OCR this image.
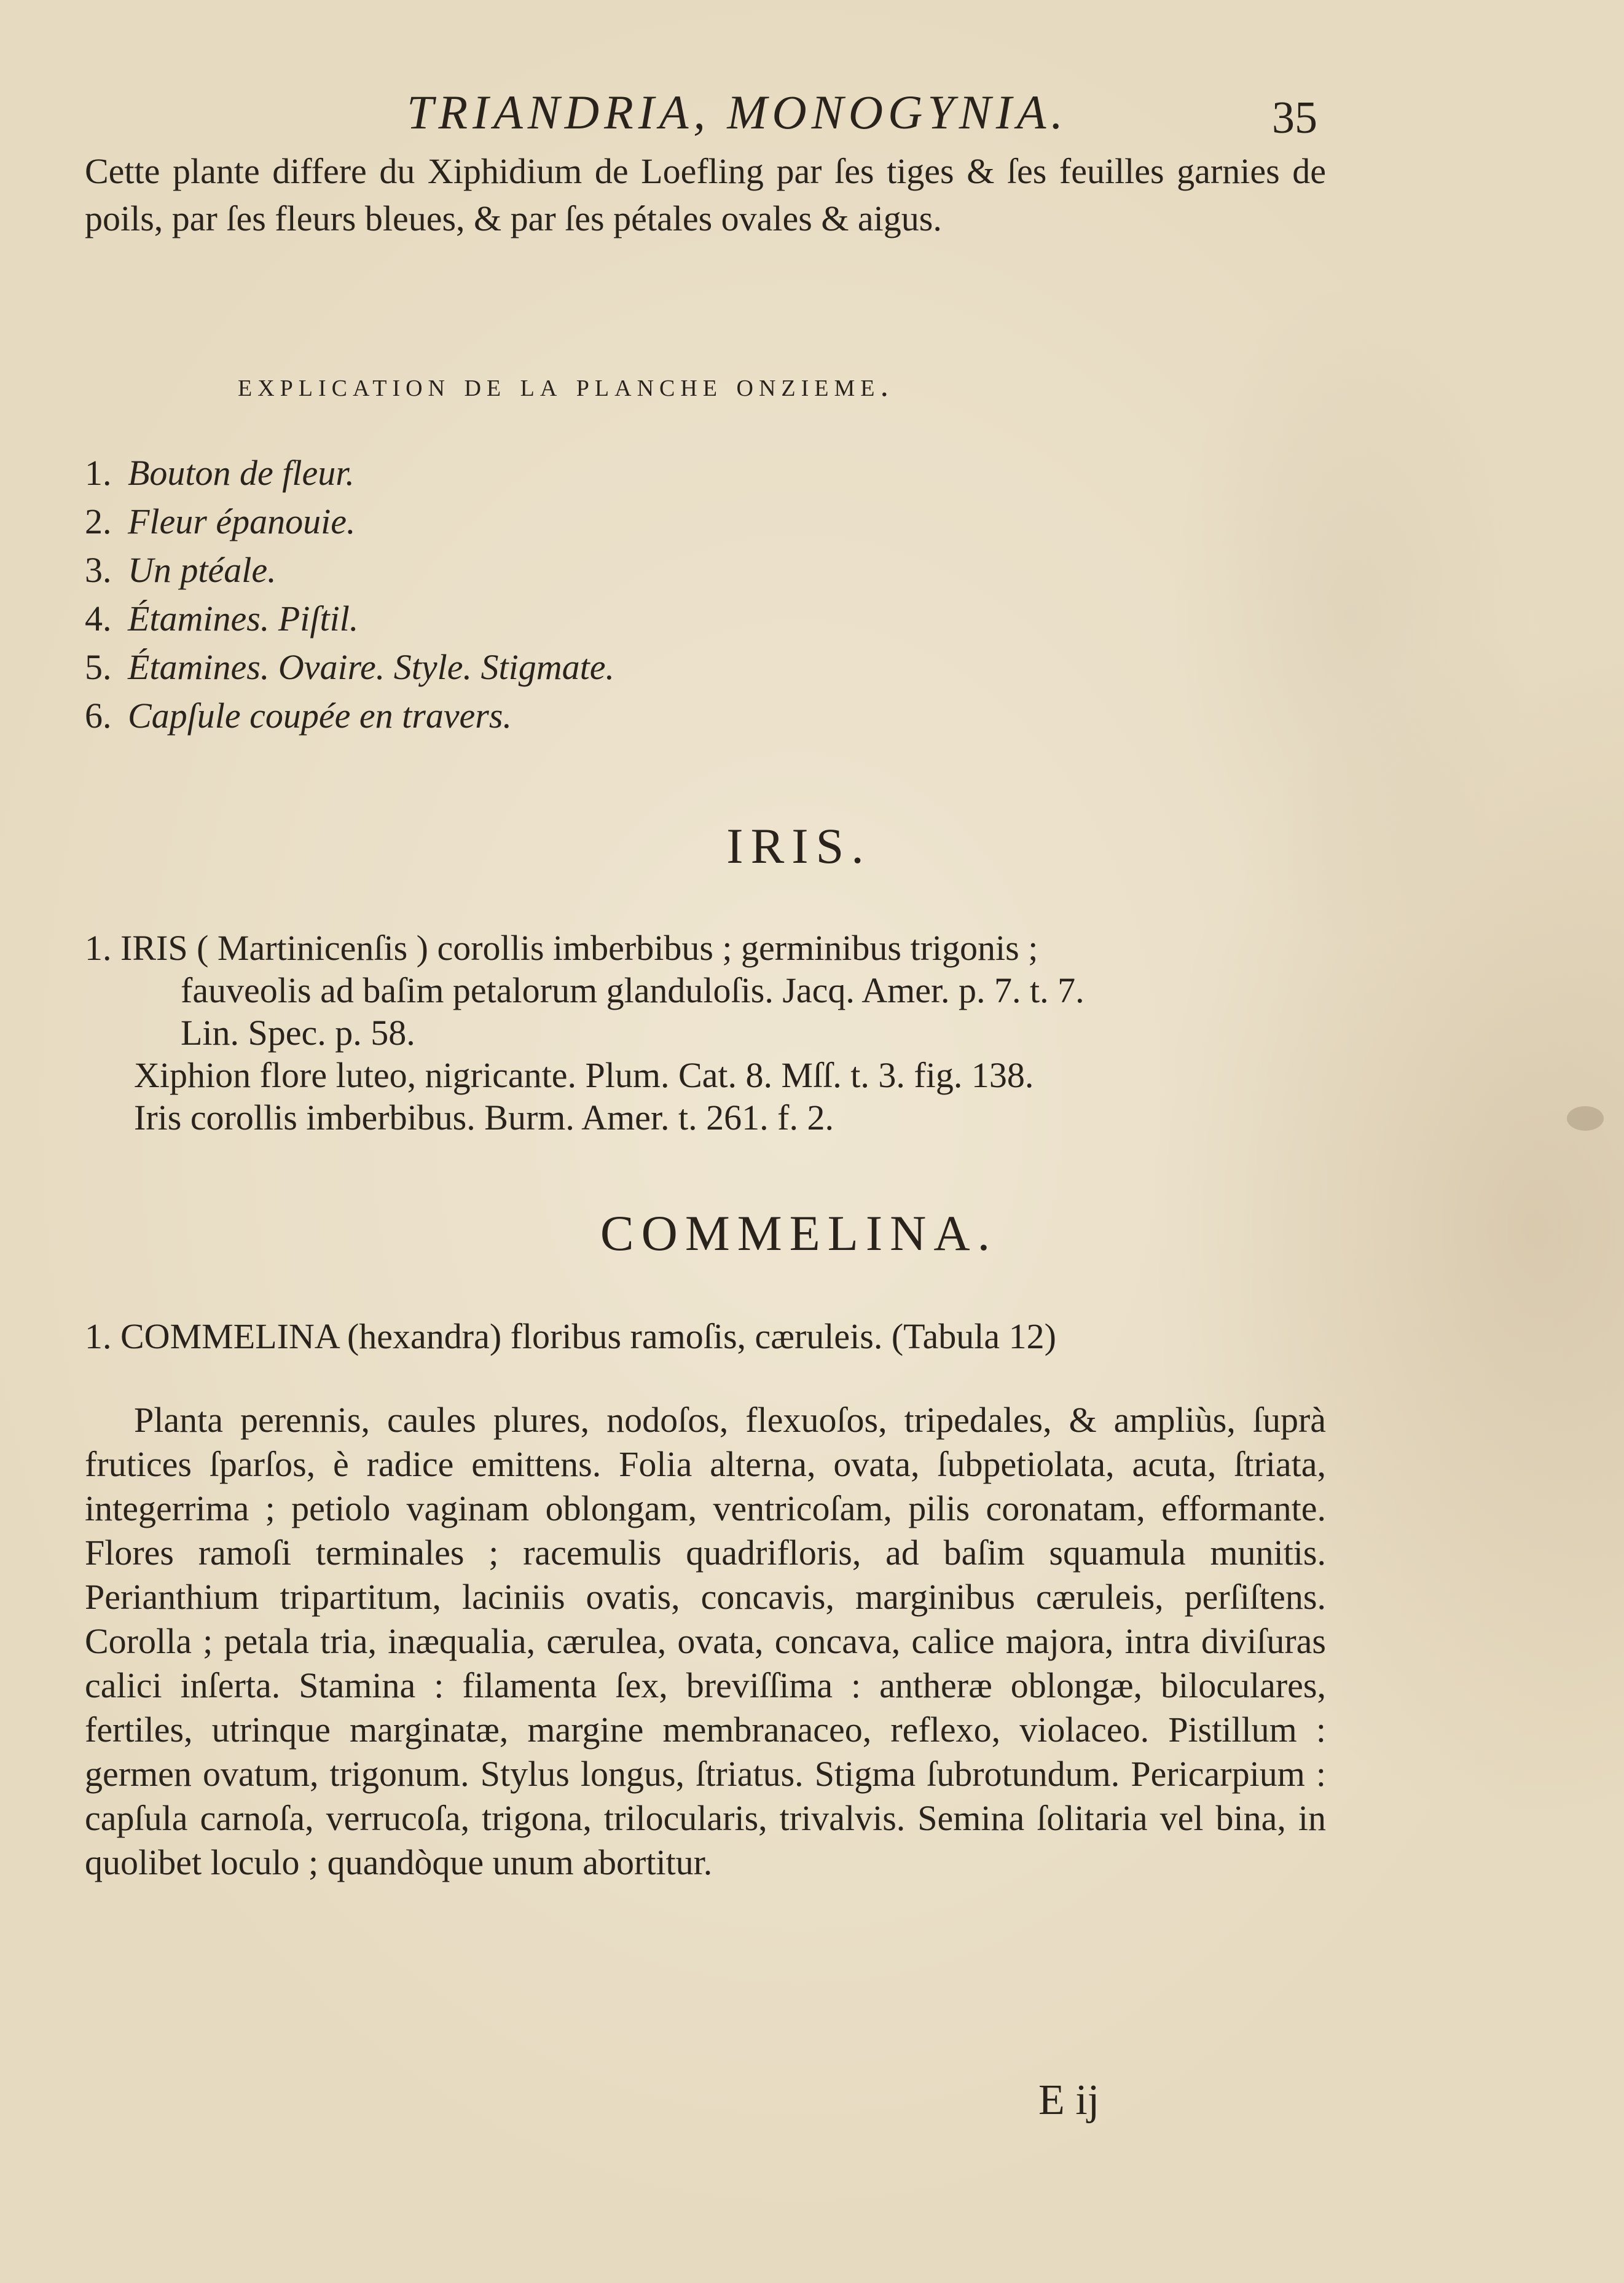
TRIANDRIA, MONOGYNIA.	35

Cette plante differe du Xiphidium de Loefling par ſes tiges & ſes feuilles garnies de poils, par ſes fleurs bleues, & par ſes pétales ovales & aigus.

explication de la planche onzieme.
1. Bouton de fleur.
2. Fleur épanouie.
3. Un ptéale.
4. Étamines. Piſtil.
5. Étamines. Ovaire. Style. Stigmate.
6. Capſule coupée en travers.
IRIS.
1. IRIS ( Martinicenſis ) corollis imberbibus ; germinibus trigonis ;
fauveolis ad baſim petalorum glanduloſis. Jacq. Amer. p. 7. t. 7.
Lin. Spec. p. 58.
Xiphion flore luteo, nigricante. Plum. Cat. 8. Mſſ. t. 3. fig. 138.
Iris corollis imberbibus. Burm. Amer. t. 261. f. 2.
COMMELINA.
1. COMMELINA (hexandra) floribus ramoſis, cæruleis. (Tabula 12)

Planta perennis, caules plures, nodoſos, flexuoſos, tripedales, & ampliùs, ſuprà frutices ſparſos, è radice emittens. Folia alterna, ovata, ſubpetiolata, acuta, ſtriata, integerrima ; petiolo vaginam oblongam, ventricoſam, pilis coronatam, efformante. Flores ramoſi terminales ; racemulis quadrifloris, ad baſim squamula munitis. Perianthium tripartitum, laciniis ovatis, concavis, marginibus cæruleis, perſiſtens. Corolla ; petala tria, inæqualia, cærulea, ovata, concava, calice majora, intra diviſuras calici inſerta. Stamina : filamenta ſex, breviſſima : antheræ oblongæ, biloculares, fertiles, utrinque marginatæ, margine membranaceo, reflexo, violaceo. Pistillum : germen ovatum, trigonum. Stylus longus, ſtriatus. Stigma ſubrotundum. Pericarpium : capſula carnoſa, verrucoſa, trigona, trilocularis, trivalvis. Semina ſolitaria vel bina, in quolibet loculo ; quandòque unum abortitur.

E ij
